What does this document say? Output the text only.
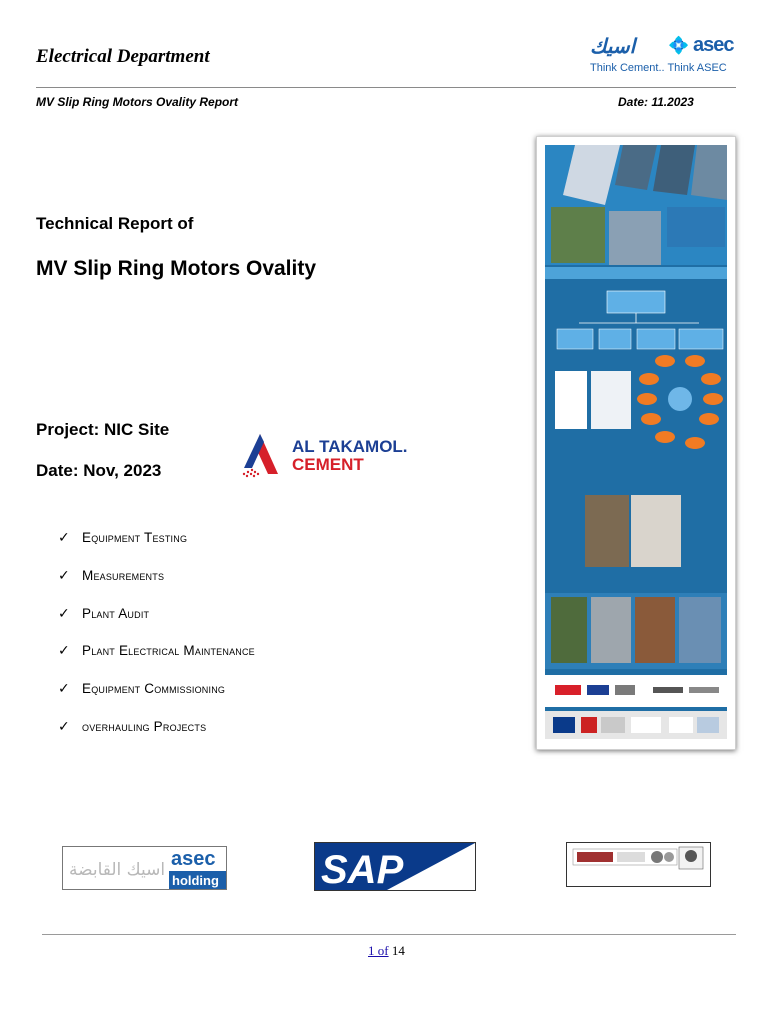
Electrical Department	اسيك 💠 asec
Think Cement.. Think ASEC
MV Slip Ring Motors Ovality Report	Date: 11.2023
Technical Report of
MV Slip Ring Motors Ovality
Project: NIC Site
Date: Nov, 2023
AL TAKAMOL.
CEMENT
✓ Equipment Testing
✓ Measurements
✓ Plant Audit
✓ Plant Electrical Maintenance
✓ Equipment Commissioning
✓ overhauling Projects
اسيك القابضة asec
holding	SAP
1 of 14
